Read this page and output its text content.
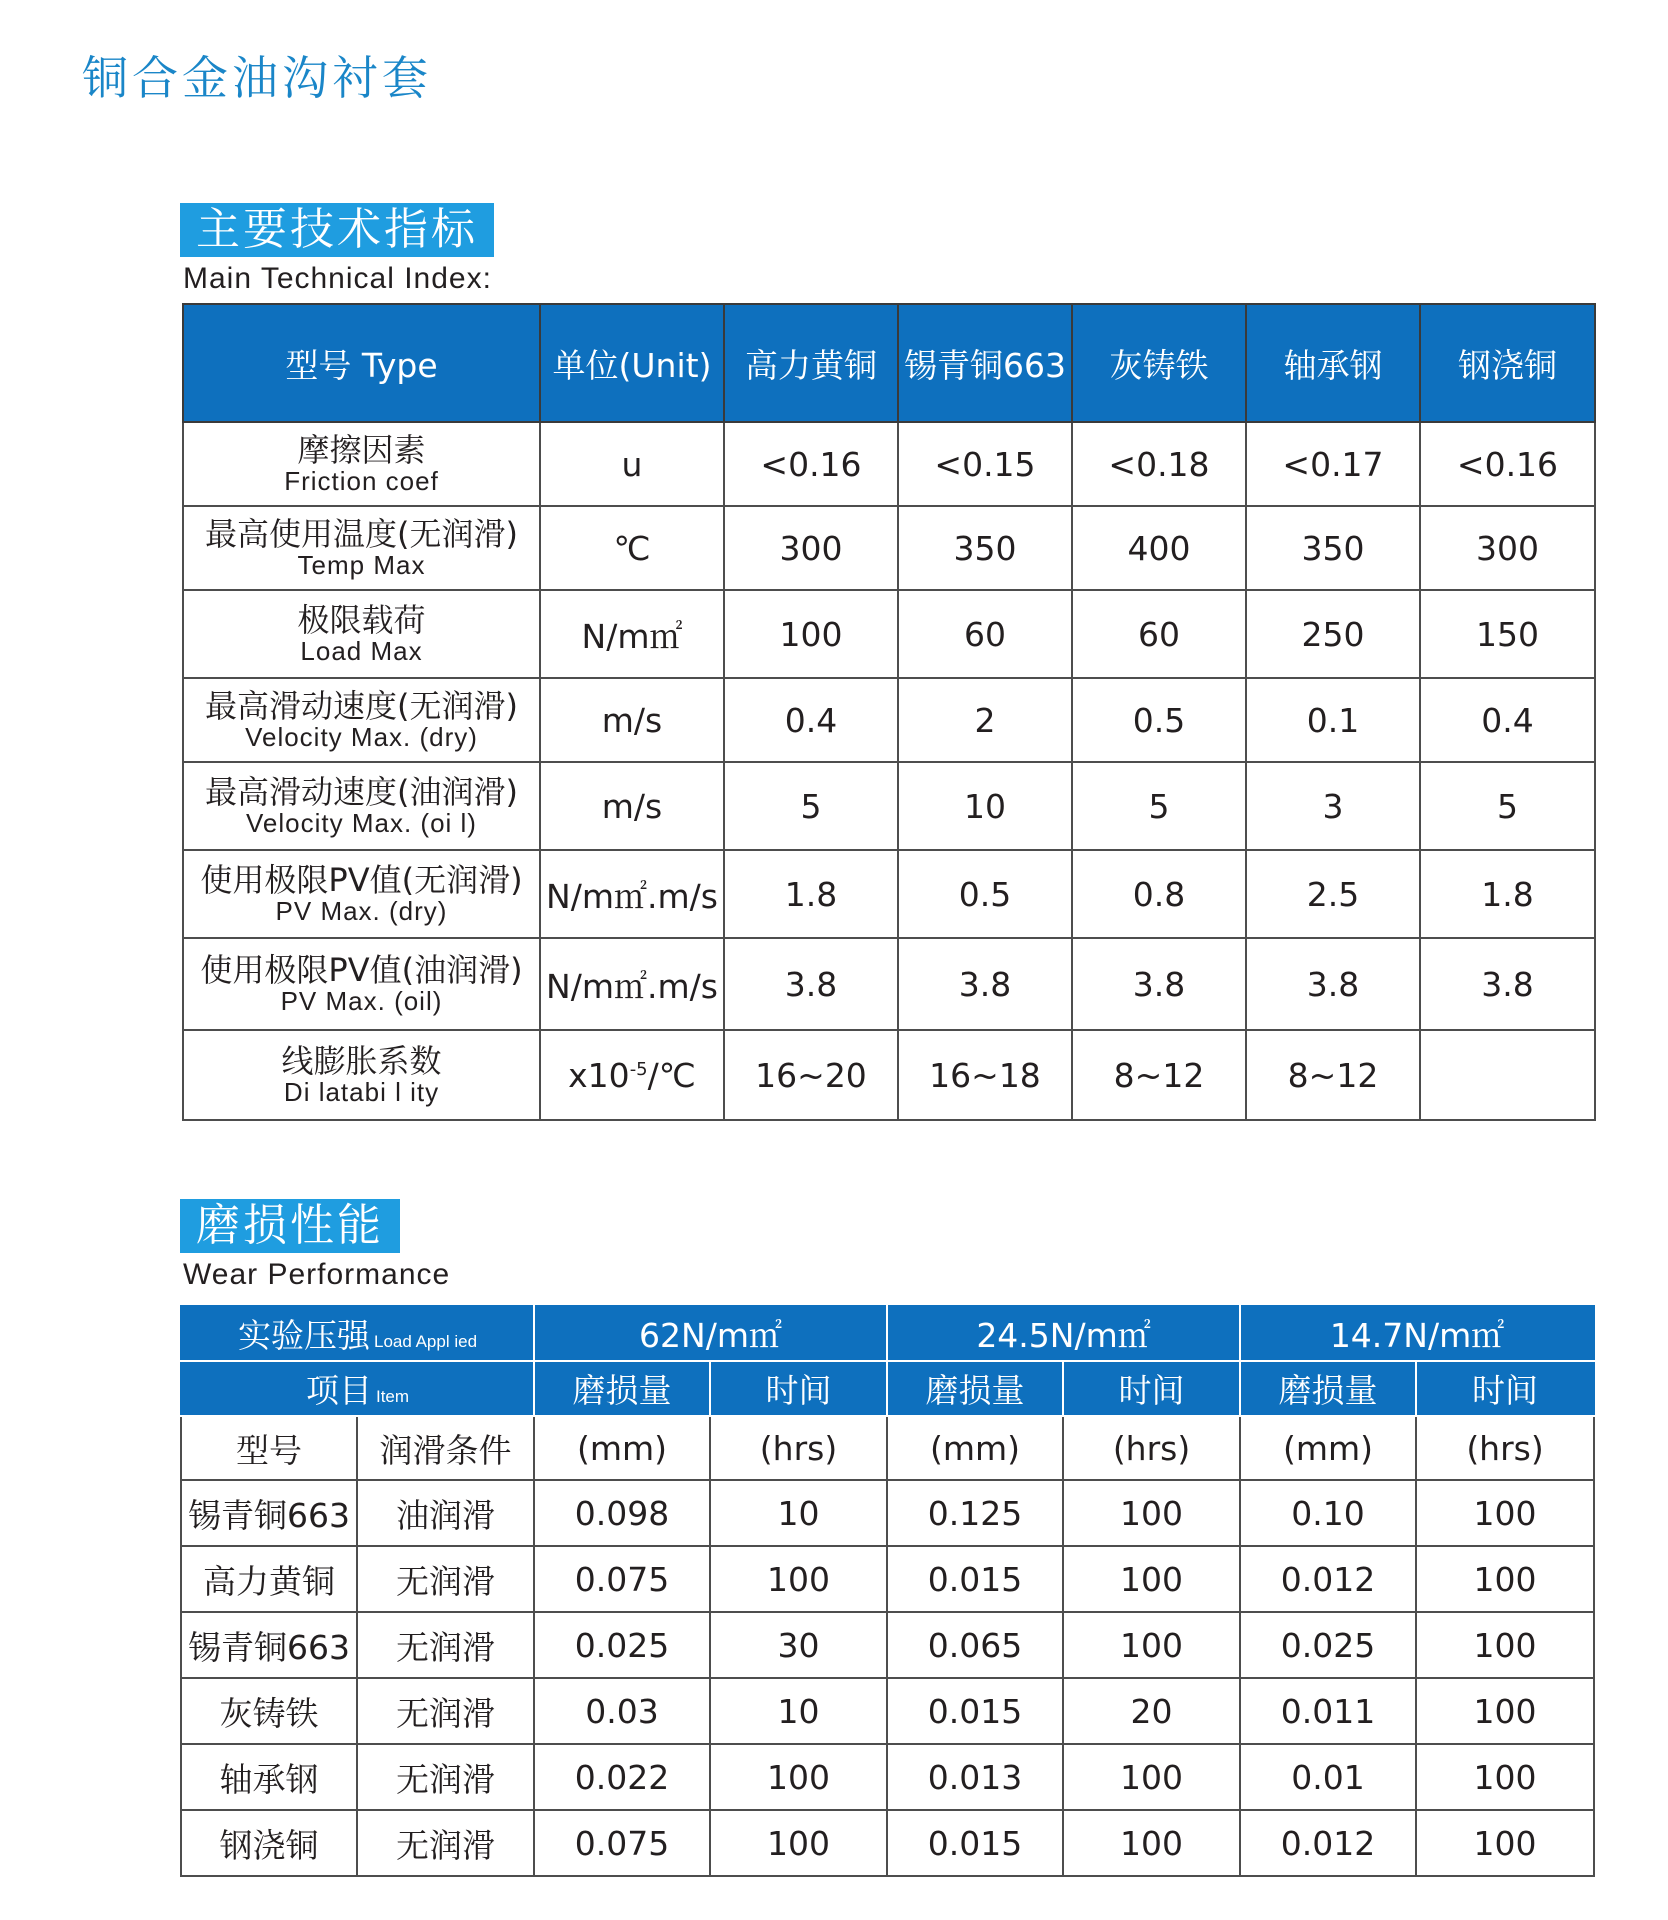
铜合金油沟衬套
主要技术指标
Main Technical Index:
型号 Type	单位(Unit)	高力黄铜	锡青铜663	灰铸铁	轴承钢	钢浇铜

摩擦因素
Friction coef	u	<0.16	<0.15	<0.18	<0.17	<0.16

最高使用温度(无润滑)
Temp Max	℃	300	350	400	350	300

极限载荷
Load Max	N/m㎡	100	60	60	250	150

最高滑动速度(无润滑)
Velocity Max. (dry)	m/s	0.4	2	0.5	0.1	0.4

最高滑动速度(油润滑)
Velocity Max. (oi l)	m/s	5	10	5	3	5

使用极限PV值(无润滑)
PV Max. (dry)	N/m㎡.m/s	1.8	0.5	0.8	2.5	1.8

使用极限PV值(油润滑)
PV Max. (oil)	N/m㎡.m/s	3.8	3.8	3.8	3.8	3.8

线膨胀系数
Di latabi l ity	$x10^{-5}/℃$	16~20	16~18	8~12	8~12	
磨损性能
Wear Performance
实验压强 Load Appl ied		62N/m㎡		24.5N/m㎡		14.7N/m㎡	
项目 Item		磨损量	时间	磨损量	时间	磨损量	时间
型号	润滑条件	(mm)	(hrs)	(mm)	(hrs)	(mm)	(hrs)
锡青铜663	油润滑	0.098	10	0.125	100	0.10	100
高力黄铜	无润滑	0.075	100	0.015	100	0.012	100
锡青铜663	无润滑	0.025	30	0.065	100	0.025	100
灰铸铁	无润滑	0.03	10	0.015	20	0.011	100
轴承钢	无润滑	0.022	100	0.013	100	0.01	100
钢浇铜	无润滑	0.075	100	0.015	100	0.012	100
